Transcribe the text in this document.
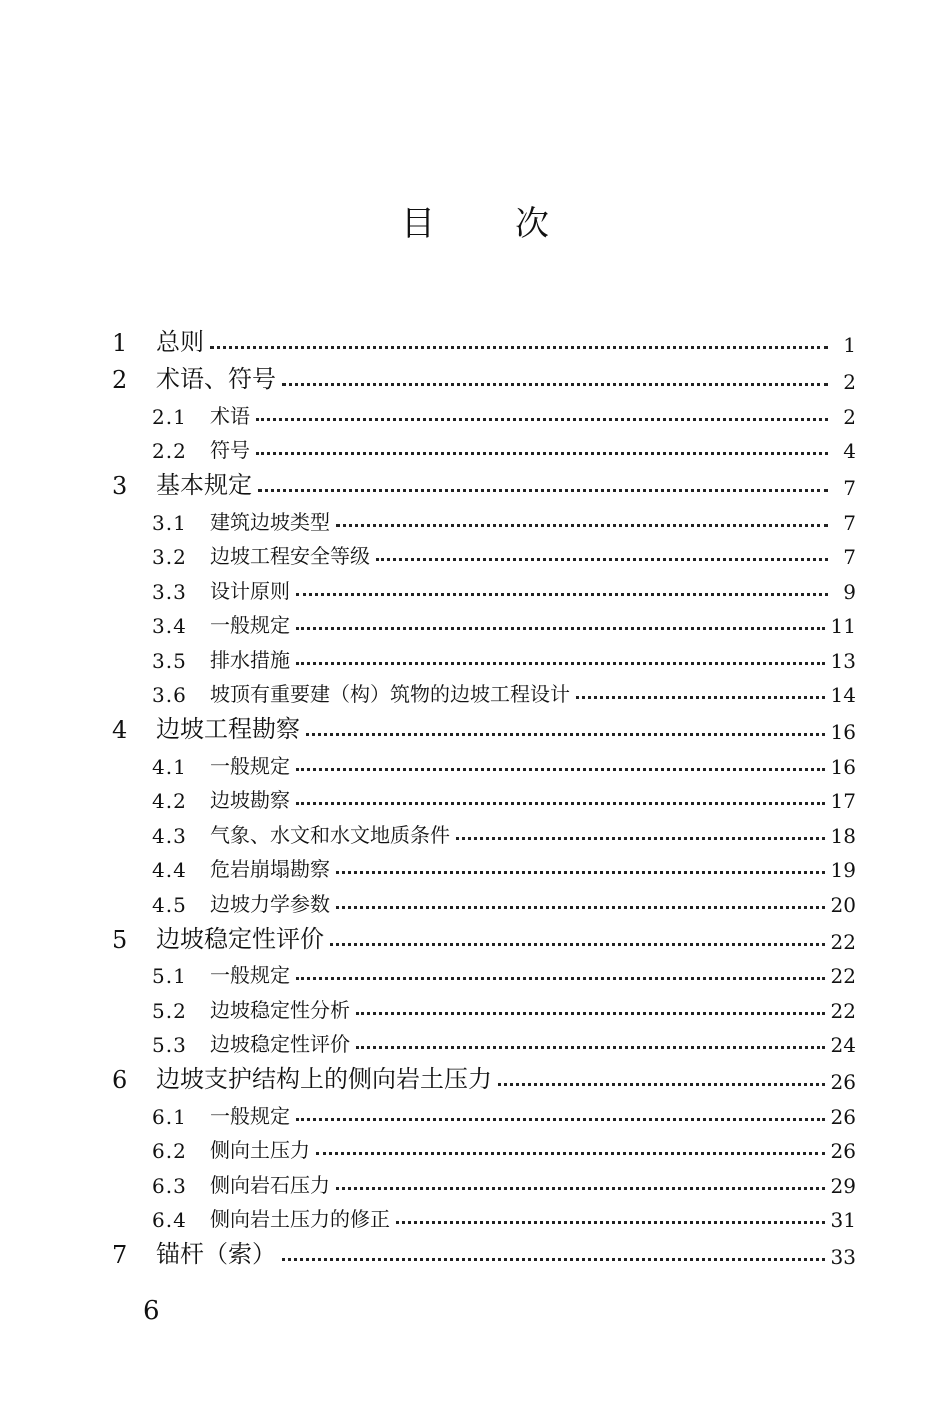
目 次
1	总则	1
2	术语、符号	2
2.1	术语	2
2.2	符号	4
3	基本规定	7
3.1	建筑边坡类型	7
3.2	边坡工程安全等级	7
3.3	设计原则	9
3.4	一般规定	11
3.5	排水措施	13
3.6	坡顶有重要建（构）筑物的边坡工程设计	14
4	边坡工程勘察	16
4.1	一般规定	16
4.2	边坡勘察	17
4.3	气象、水文和水文地质条件	18
4.4	危岩崩塌勘察	19
4.5	边坡力学参数	20
5	边坡稳定性评价	22
5.1	一般规定	22
5.2	边坡稳定性分析	22
5.3	边坡稳定性评价	24
6	边坡支护结构上的侧向岩土压力	26
6.1	一般规定	26
6.2	侧向土压力	26
6.3	侧向岩石压力	29
6.4	侧向岩土压力的修正	31
7	锚杆（索）	33
6
